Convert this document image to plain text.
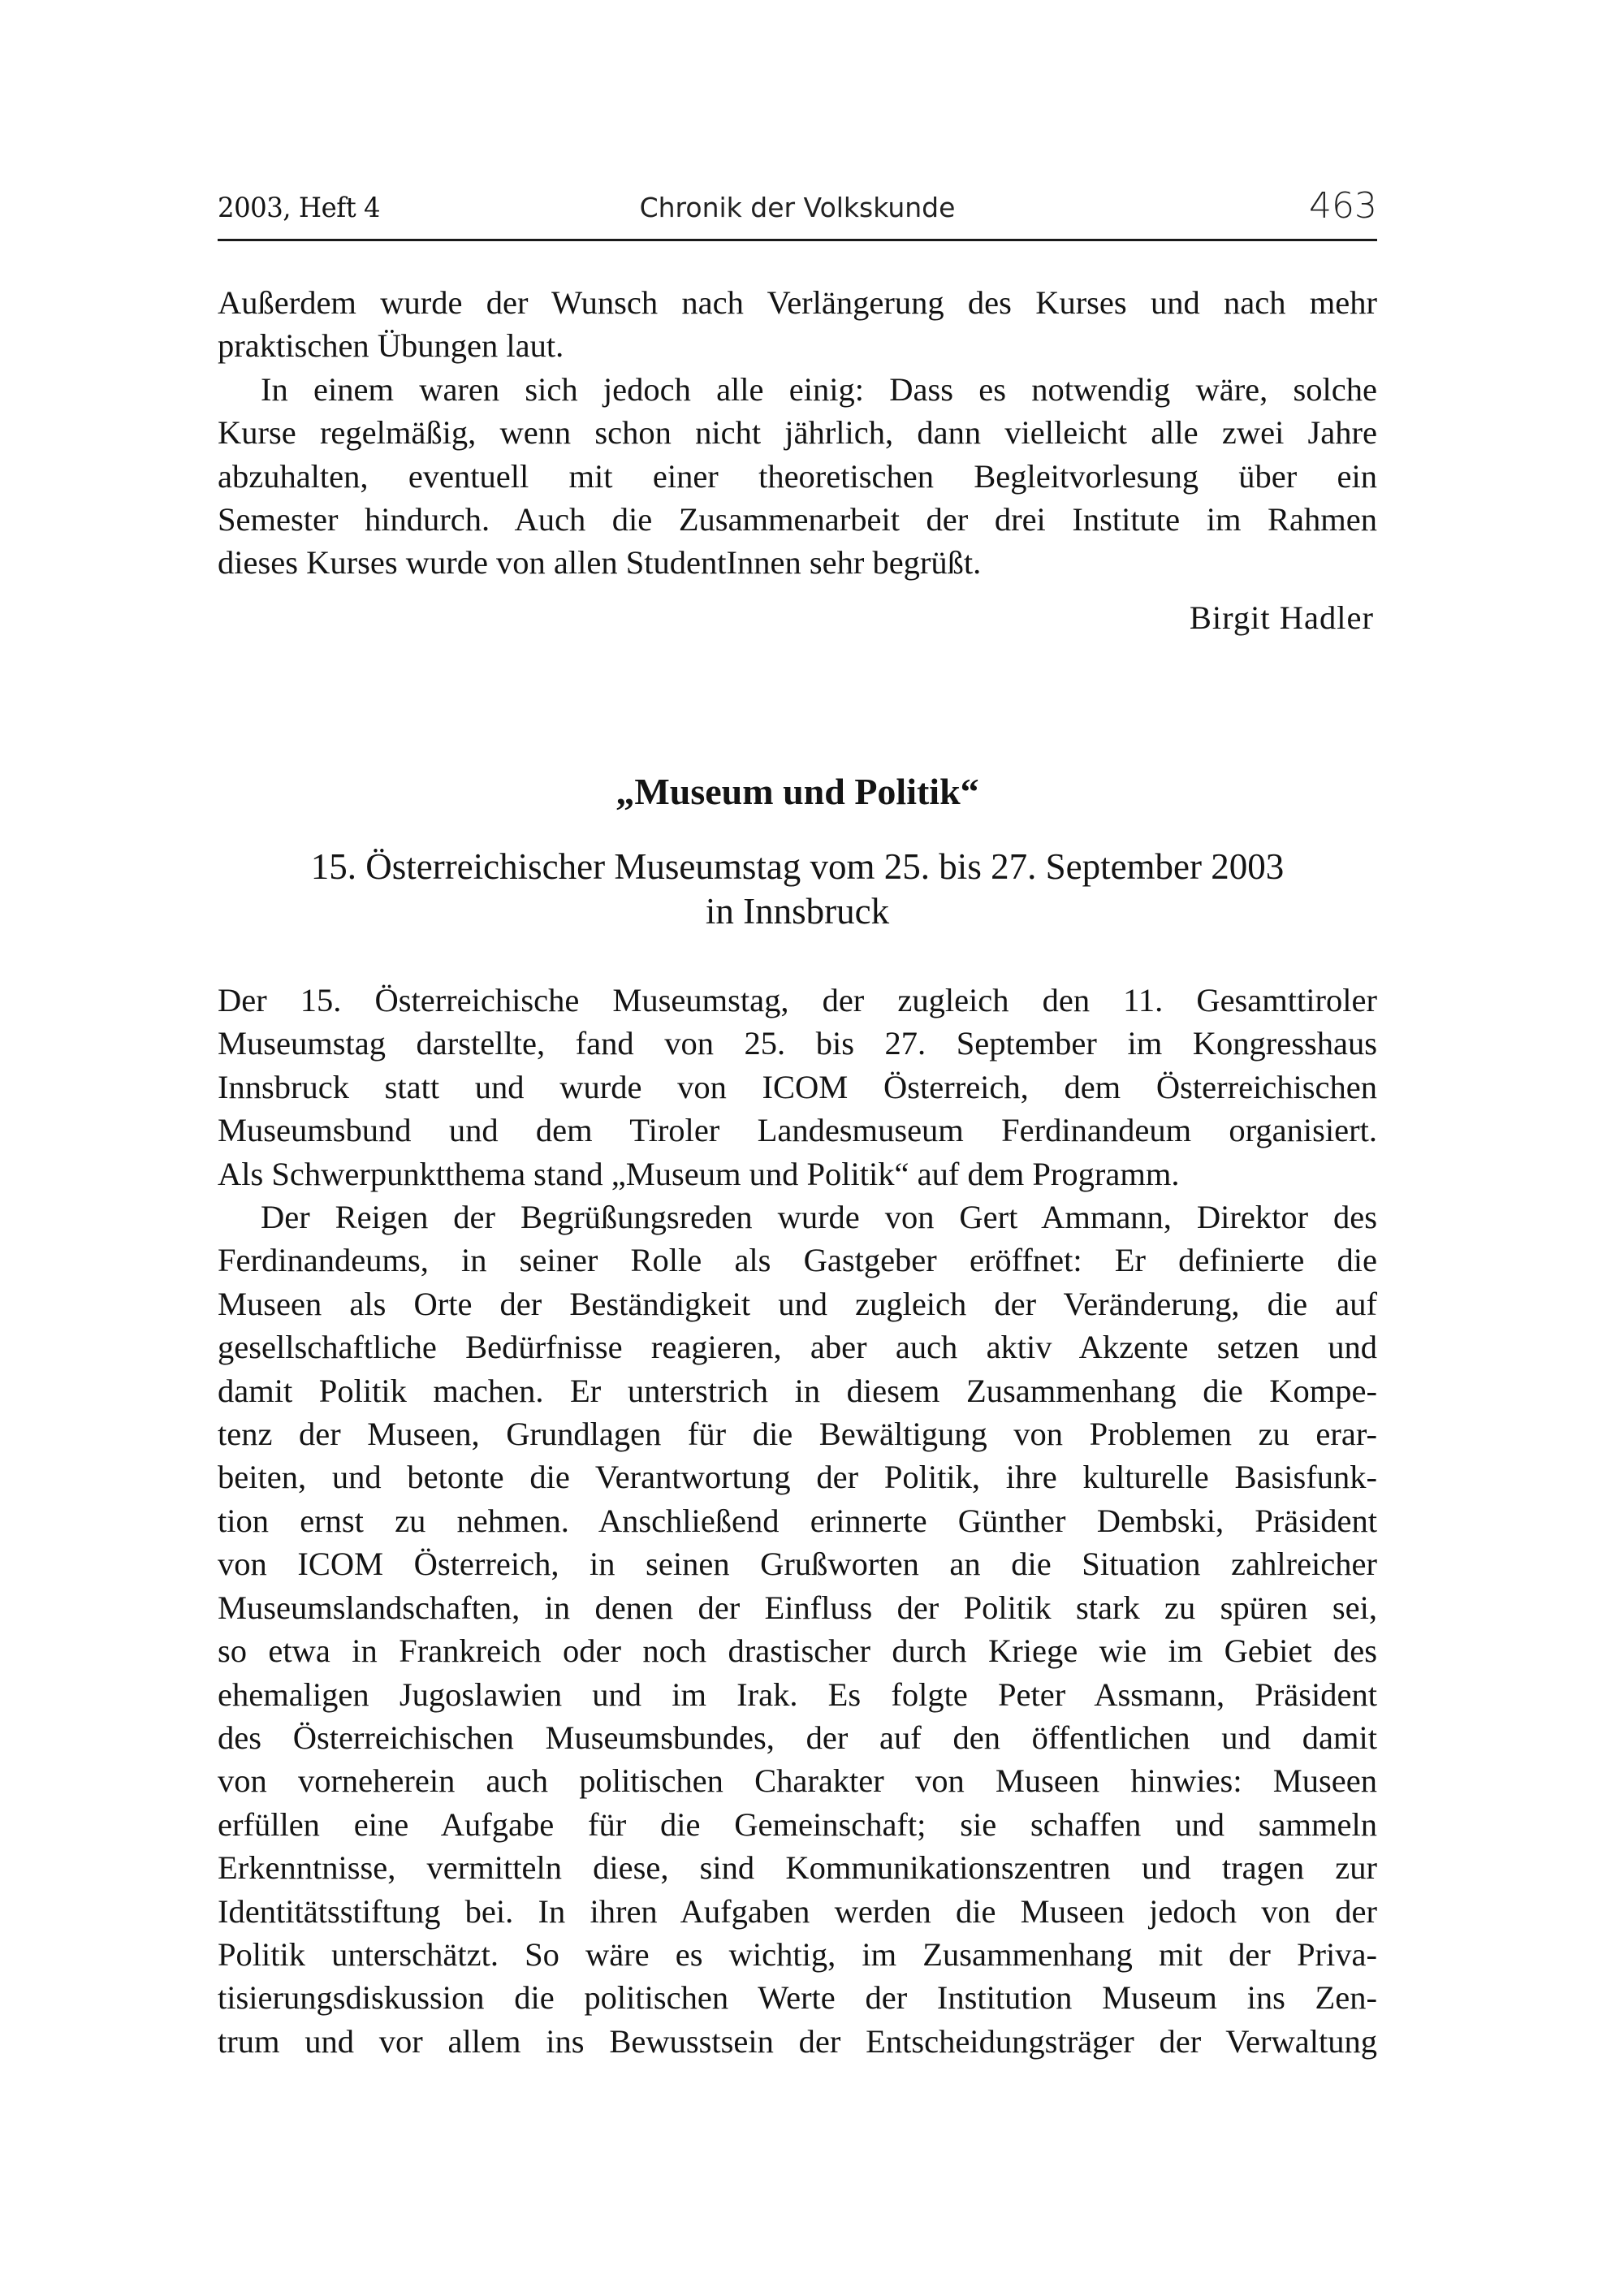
2003, Heft 4	Chronik der Volkskunde	463

Außerdem wurde der Wunsch nach Verlängerung des Kurses und nach mehr
praktischen Übungen laut.

In einem waren sich jedoch alle einig: Dass es notwendig wäre, solche
Kurse regelmäßig, wenn schon nicht jährlich, dann vielleicht alle zwei Jahre
abzuhalten, eventuell mit einer theoretischen Begleitvorlesung über ein
Semester hindurch. Auch die Zusammenarbeit der drei Institute im Rahmen
dieses Kurses wurde von allen StudentInnen sehr begrüßt.

Birgit Hadler
„Museum und Politik“
15. Österreichischer Museumstag vom 25. bis 27. September 2003
in Innsbruck

Der 15. Österreichische Museumstag, der zugleich den 11. Gesamttiroler
Museumstag darstellte, fand von 25. bis 27. September im Kongresshaus
Innsbruck statt und wurde von ICOM Österreich, dem Österreichischen
Museumsbund und dem Tiroler Landesmuseum Ferdinandeum organisiert.
Als Schwerpunktthema stand „Museum und Politik“ auf dem Programm.

Der Reigen der Begrüßungsreden wurde von Gert Ammann, Direktor des
Ferdinandeums, in seiner Rolle als Gastgeber eröffnet: Er definierte die
Museen als Orte der Beständigkeit und zugleich der Veränderung, die auf
gesellschaftliche Bedürfnisse reagieren, aber auch aktiv Akzente setzen und
damit Politik machen. Er unterstrich in diesem Zusammenhang die Kompe-
tenz der Museen, Grundlagen für die Bewältigung von Problemen zu erar-
beiten, und betonte die Verantwortung der Politik, ihre kulturelle Basisfunk-
tion ernst zu nehmen. Anschließend erinnerte Günther Dembski, Präsident
von ICOM Österreich, in seinen Grußworten an die Situation zahlreicher
Museumslandschaften, in denen der Einfluss der Politik stark zu spüren sei,
so etwa in Frankreich oder noch drastischer durch Kriege wie im Gebiet des
ehemaligen Jugoslawien und im Irak. Es folgte Peter Assmann, Präsident
des Österreichischen Museumsbundes, der auf den öffentlichen und damit
von vorneherein auch politischen Charakter von Museen hinwies: Museen
erfüllen eine Aufgabe für die Gemeinschaft; sie schaffen und sammeln
Erkenntnisse, vermitteln diese, sind Kommunikationszentren und tragen zur
Identitätsstiftung bei. In ihren Aufgaben werden die Museen jedoch von der
Politik unterschätzt. So wäre es wichtig, im Zusammenhang mit der Priva-
tisierungsdiskussion die politischen Werte der Institution Museum ins Zen-
trum und vor allem ins Bewusstsein der Entscheidungsträger der Verwaltung
